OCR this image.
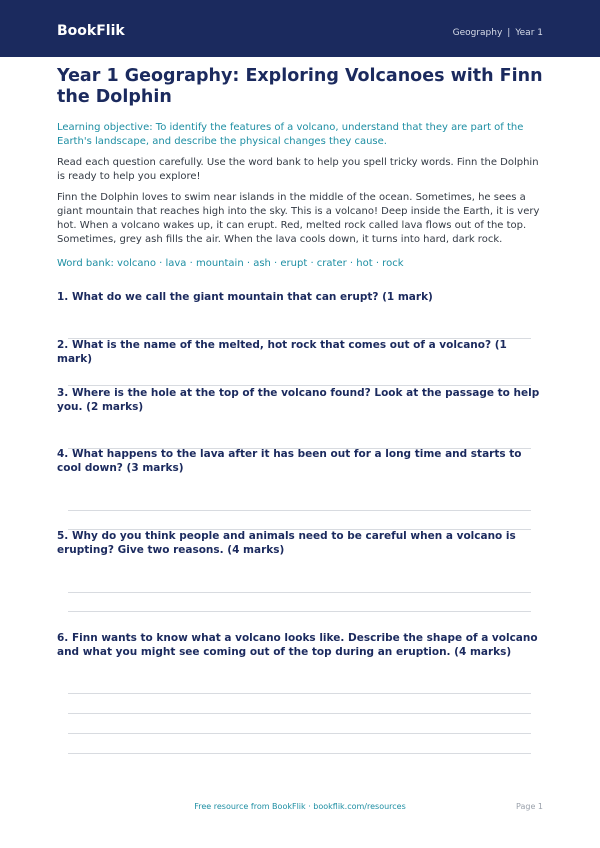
BookFlik	Geography | Year 1
Year 1 Geography: Exploring Volcanoes with Finn the Dolphin
Learning objective: To identify the features of a volcano, understand that they are part of the Earth's landscape, and describe the physical changes they cause.
Read each question carefully. Use the word bank to help you spell tricky words. Finn the Dolphin is ready to help you explore!
Finn the Dolphin loves to swim near islands in the middle of the ocean. Sometimes, he sees a giant mountain that reaches high into the sky. This is a volcano! Deep inside the Earth, it is very hot. When a volcano wakes up, it can erupt. Red, melted rock called lava flows out of the top. Sometimes, grey ash fills the air. When the lava cools down, it turns into hard, dark rock.
Word bank: volcano · lava · mountain · ash · erupt · crater · hot · rock

1. What do we call the giant mountain that can erupt? (1 mark)

2. What is the name of the melted, hot rock that comes out of a volcano? (1 mark)

3. Where is the hole at the top of the volcano found? Look at the passage to help you. (2 marks)

4. What happens to the lava after it has been out for a long time and starts to cool down? (3 marks)

5. Why do you think people and animals need to be careful when a volcano is erupting? Give two reasons. (4 marks)

6. Finn wants to know what a volcano looks like. Describe the shape of a volcano and what you might see coming out of the top during an eruption. (4 marks)

Free resource from BookFlik · bookflik.com/resources	Page 1
